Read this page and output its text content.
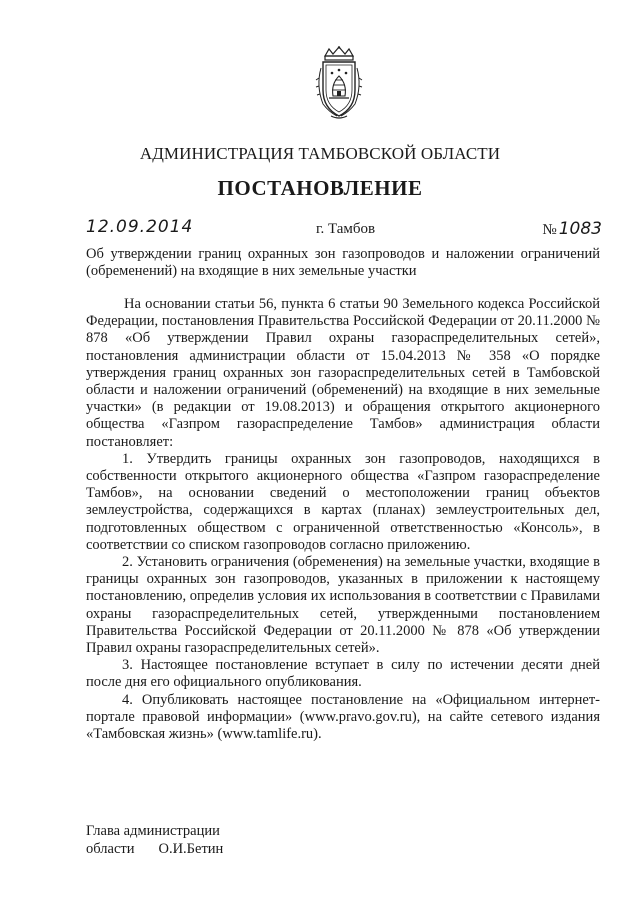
АДМИНИСТРАЦИЯ ТАМБОВСКОЙ ОБЛАСТИ
ПОСТАНОВЛЕНИЕ
12.09.2014	г. Тамбов	№ 1083
Об утверждении границ охранных зон газопроводов и наложении ограничений (обременений) на входящие в них земельные участки

На основании статьи 56, пункта 6 статьи 90 Земельного кодекса Российской Федерации, постановления Правительства Российской Федерации от 20.11.2000 № 878 «Об утверждении Правил охраны газораспределительных сетей», постановления администрации области от 15.04.2013 № 358 «О порядке утверждения границ охранных зон газораспределительных сетей в Тамбовской области и наложении ограничений (обременений) на входящие в них земельные участки» (в редакции от 19.08.2013) и обращения открытого акционерного общества «Газпром газораспределение Тамбов» администрация области постановляет:

1. Утвердить границы охранных зон газопроводов, находящихся в собственности открытого акционерного общества «Газпром газораспределение Тамбов», на основании сведений о местоположении границ объектов землеустройства, содержащихся в картах (планах) землеустроительных дел, подготовленных обществом с ограниченной ответственностью «Консоль», в соответствии со списком газопроводов согласно приложению.

2. Установить ограничения (обременения) на земельные участки, входящие в границы охранных зон газопроводов, указанных в приложении к настоящему постановлению, определив условия их использования в соответствии с Правилами охраны газораспределительных сетей, утвержденными постановлением Правительства Российской Федерации от 20.11.2000 № 878 «Об утверждении Правил охраны газораспределительных сетей».

3. Настоящее постановление вступает в силу по истечении десяти дней после дня его официального опубликования.

4. Опубликовать настоящее постановление на «Официальном интернет-портале правовой информации» (www.pravo.gov.ru), на сайте сетевого издания «Тамбовская жизнь» (www.tamlife.ru).

Глава администрации
области О.И.Бетин
